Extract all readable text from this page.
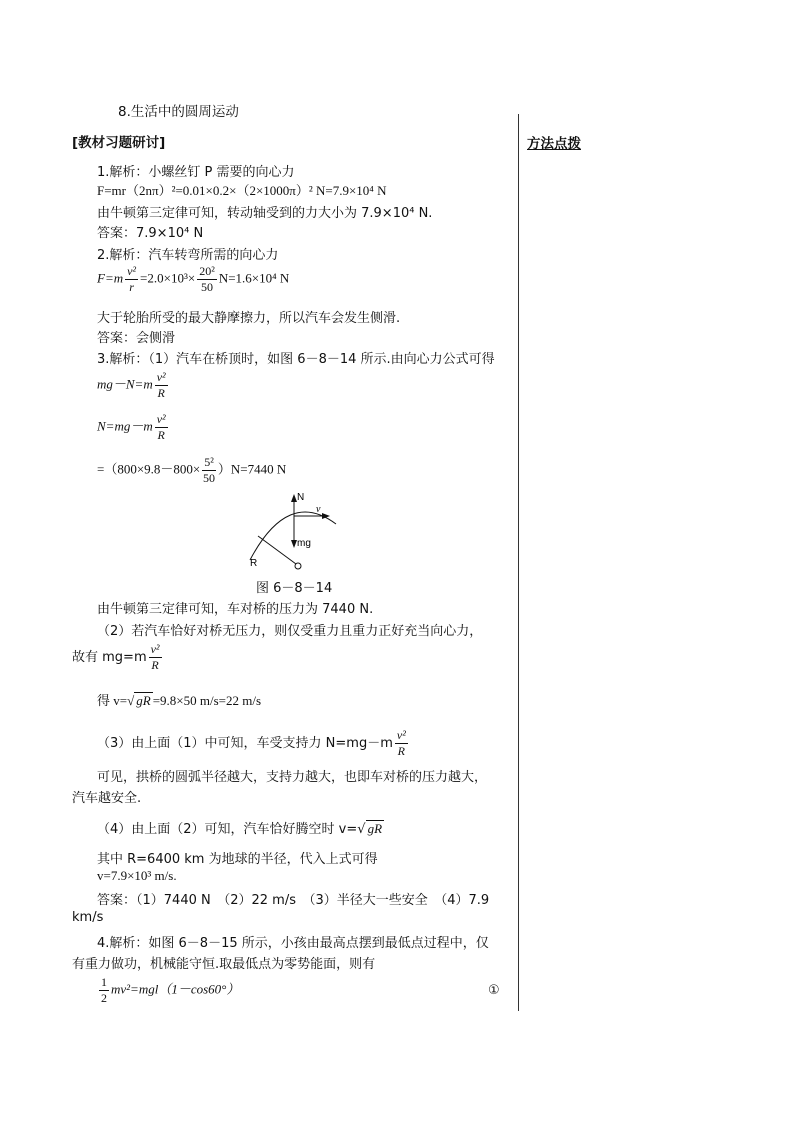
8.生活中的圆周运动
[教材习题研讨]	方法点拨
1.解析：小螺丝钉 P 需要的向心力
F=mr（2nπ）²=0.01×0.2×（2×1000π）² N=7.9×10⁴ N
由牛顿第三定律可知，转动轴受到的力大小为 7.9×10⁴ N.
答案：7.9×10⁴ N
2.解析：汽车转弯所需的向心力
$F=m \frac{\text{v²}}{r} =2.0\times 10^3\times \frac{\text{20²}}{50} N=1.6\times 10^4$ N
大于轮胎所受的最大静摩擦力，所以汽车会发生侧滑.
答案：会侧滑
3.解析：（1）汽车在桥顶时，如图 6－8－14 所示.由向心力公式可得
$mg-N=m \frac{\text{v²}}{R}$
$N=mg-m \frac{\text{v²}}{R}$
$=(800\times 9.8-800\times \frac{\text{5²}}{50} )N=7440$ N
N
v
mg
R
图 6－8－14
由牛顿第三定律可知，车对桥的压力为 7440 N.
（2）若汽车恰好对桥无压力，则仅受重力且重力正好充当向心力，
故有 $mg=m \frac{\text{v²}}{R}$
得 v=√ gR =9.8×50 m/s=22 m/s
（3）由上面（1）中可知，车受支持力 $N=mg-m \frac{\text{v²}}{R}$
可见，拱桥的圆弧半径越大，支持力越大，也即车对桥的压力越大，
汽车越安全.
（4）由上面（2）可知，汽车恰好腾空时 v=√ gR
其中 R=6400 km 为地球的半径，代入上式可得
v=7.9×10³ m/s.
答案：（1）7440 N　（2）22 m/s　（3）半径大一些安全　（4）7.9
km/s
4.解析：如图 6－8－15 所示，小孩由最高点摆到最低点过程中，仅
有重力做功，机械能守恒.取最低点为零势能面，则有
$\frac{1}{2} mv^2=mgl(1-\cos 60^\circ)$	①
